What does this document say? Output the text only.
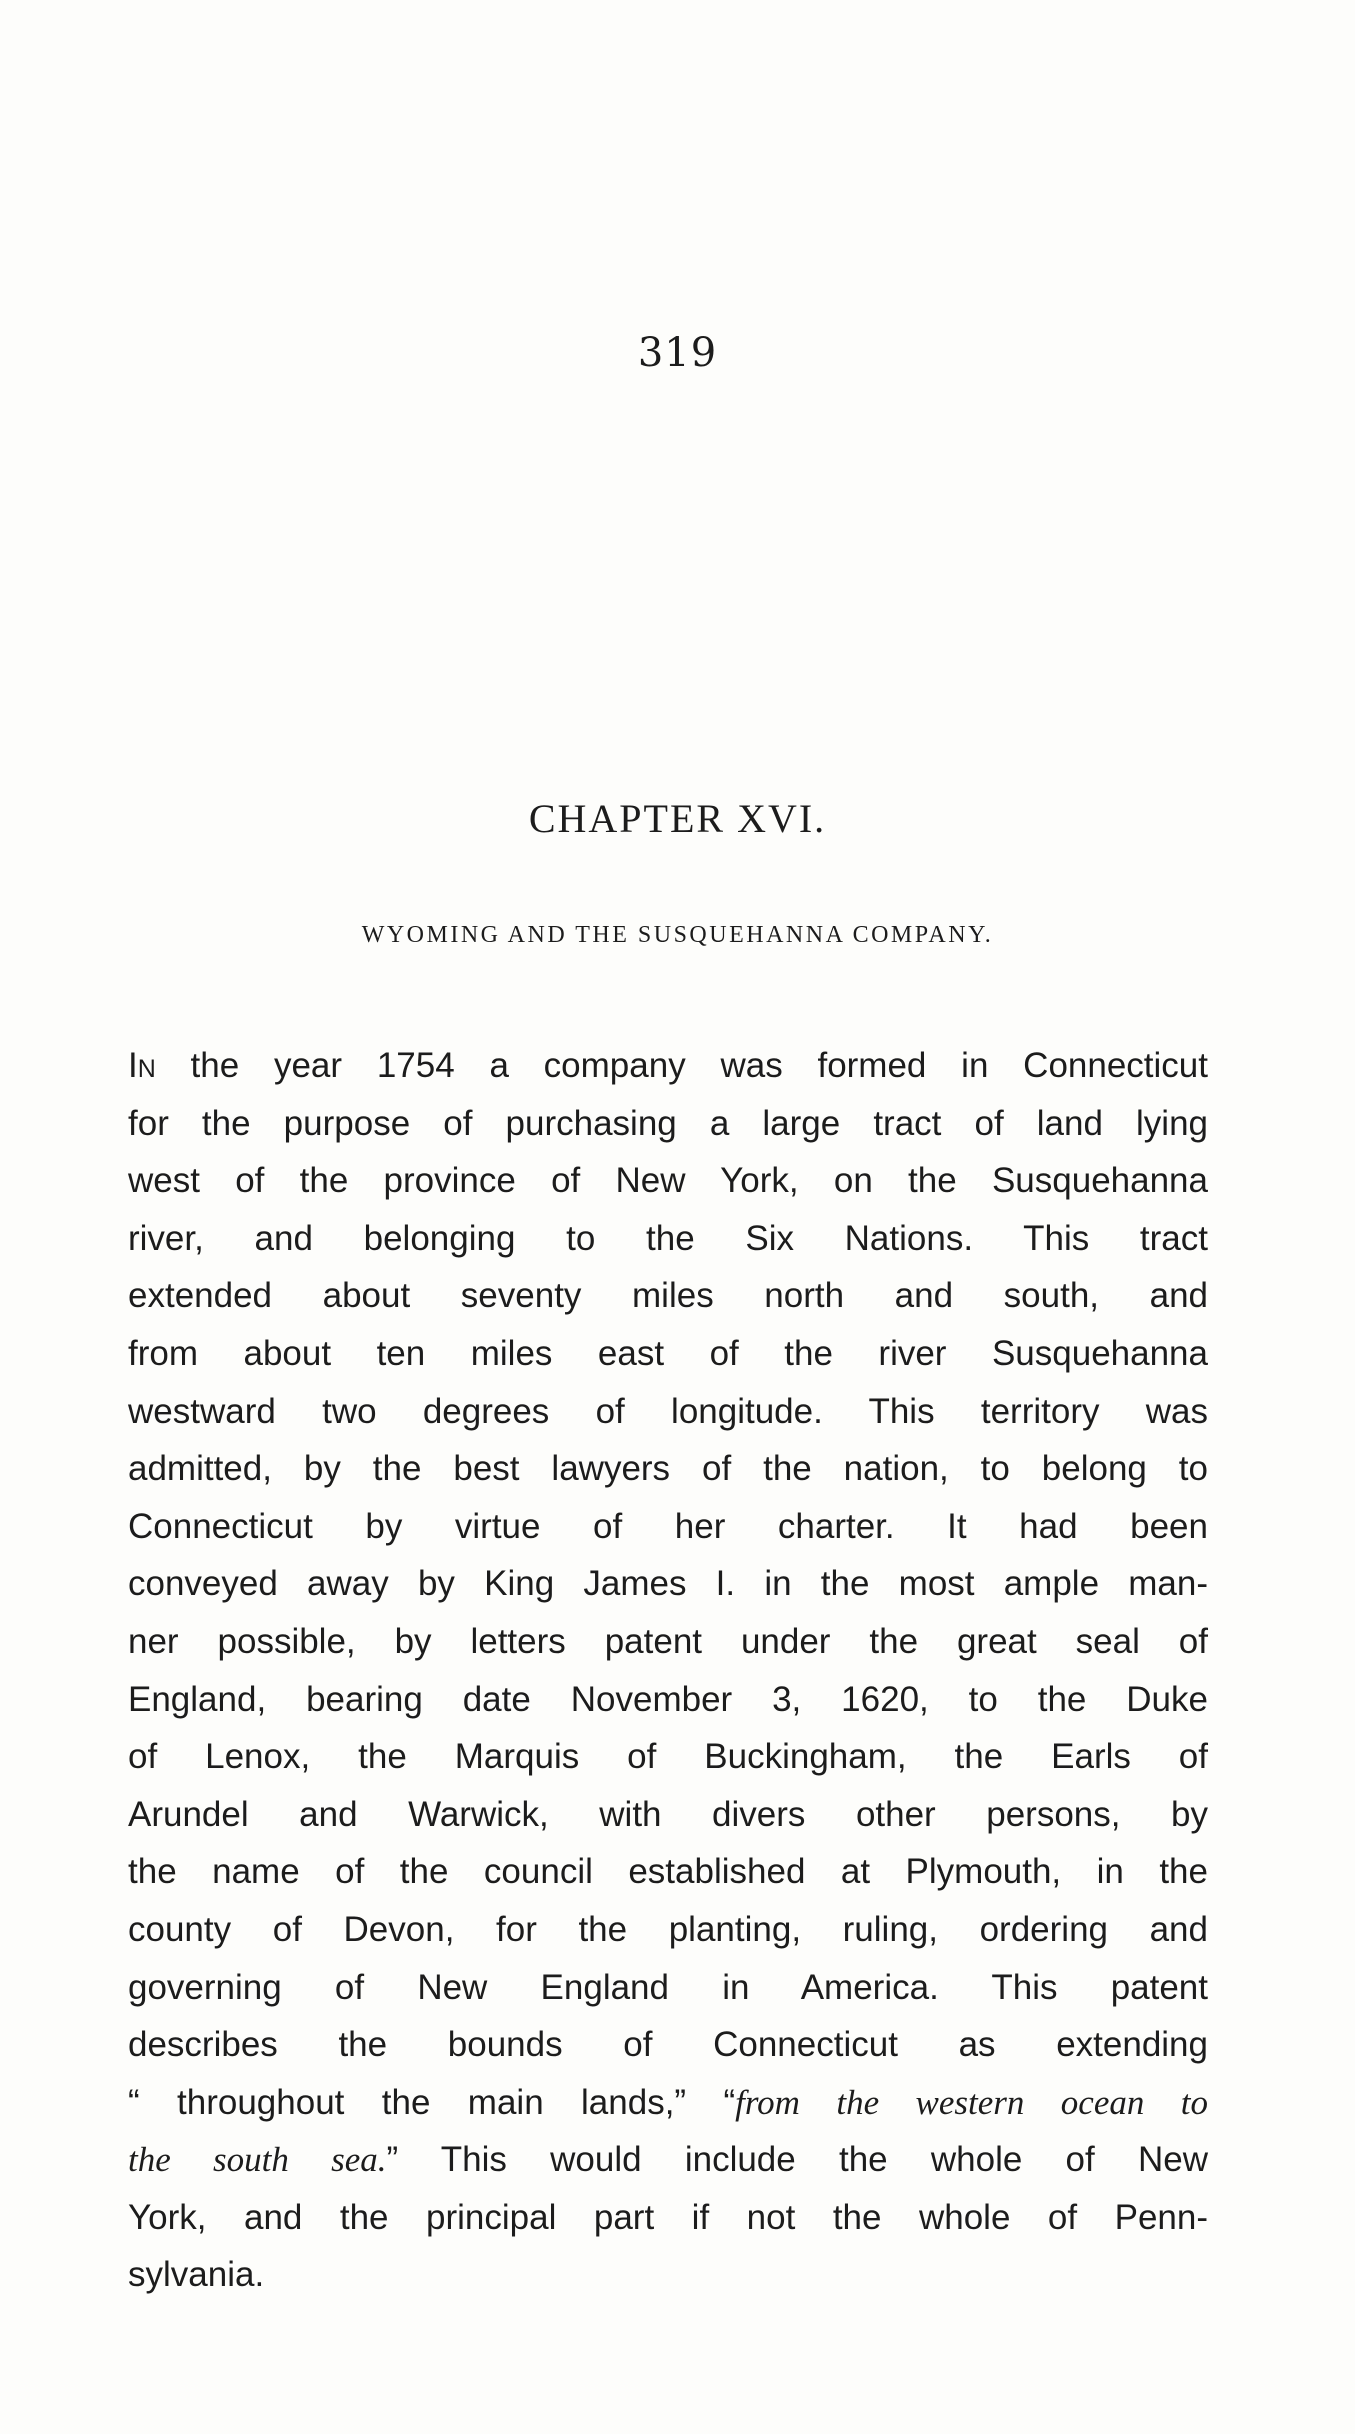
319
CHAPTER XVI.
WYOMING AND THE SUSQUEHANNA COMPANY.
In the year 1754 a company was formed in Connecticut
for the purpose of purchasing a large tract of land lying
west of the province of New York, on the Susquehanna
river, and belonging to the Six Nations. This tract
extended about seventy miles north and south, and
from about ten miles east of the river Susquehanna
westward two degrees of longitude. This territory was
admitted, by the best lawyers of the nation, to belong to
Connecticut by virtue of her charter. It had been
conveyed away by King James I. in the most ample man-
ner possible, by letters patent under the great seal of
England, bearing date November 3, 1620, to the Duke
of Lenox, the Marquis of Buckingham, the Earls of
Arundel and Warwick, with divers other persons, by
the name of the council established at Plymouth, in the
county of Devon, for the planting, ruling, ordering and
governing of New England in America. This patent
describes the bounds of Connecticut as extending
“ throughout the main lands,” “from the western ocean to
the south sea.” This would include the whole of New
York, and the principal part if not the whole of Penn-
sylvania.
